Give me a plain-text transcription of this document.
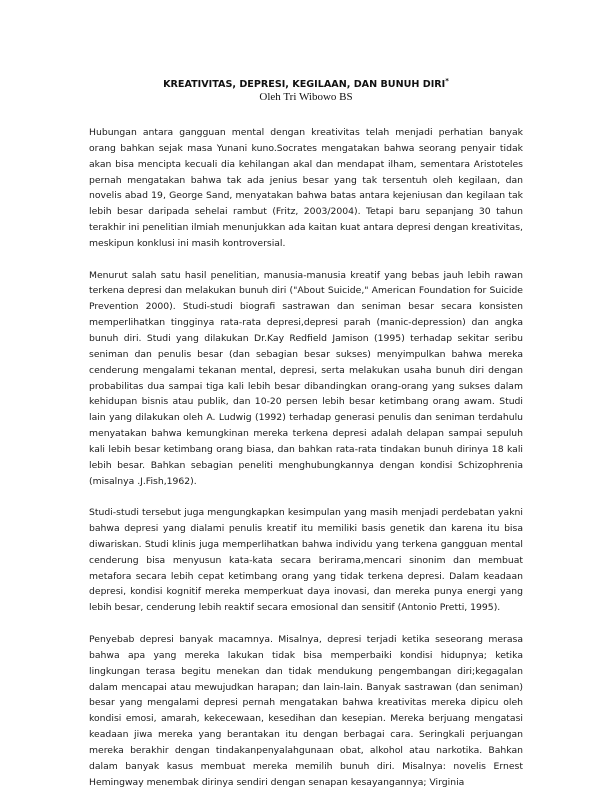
KREATIVITAS, DEPRESI, KEGILAAN, DAN BUNUH DIRI*
Oleh Tri Wibowo BS

Hubungan antara gangguan mental dengan kreativitas telah menjadi perhatian banyak orang bahkan sejak masa Yunani kuno.Socrates mengatakan bahwa seorang penyair tidak akan bisa mencipta kecuali dia kehilangan akal dan mendapat ilham, sementara Aristoteles pernah mengatakan bahwa tak ada jenius besar yang tak tersentuh oleh kegilaan, dan novelis abad 19, George Sand, menyatakan bahwa batas antara kejeniusan dan kegilaan tak lebih besar daripada sehelai rambut (Fritz, 2003/2004). Tetapi baru sepanjang 30 tahun terakhir ini penelitian ilmiah menunjukkan ada kaitan kuat antara depresi dengan kreativitas, meskipun konklusi ini masih kontroversial.

Menurut salah satu hasil penelitian, manusia-manusia kreatif yang bebas jauh lebih rawan terkena depresi dan melakukan bunuh diri ("About Suicide," American Foundation for Suicide Prevention 2000). Studi-studi biografi sastrawan dan seniman besar secara konsisten memperlihatkan tingginya rata-rata depresi,depresi parah (manic-depression) dan angka bunuh diri. Studi yang dilakukan Dr.Kay Redfield Jamison (1995) terhadap sekitar seribu seniman dan penulis besar (dan sebagian besar sukses) menyimpulkan bahwa mereka cenderung mengalami tekanan mental, depresi, serta melakukan usaha bunuh diri dengan probabilitas dua sampai tiga kali lebih besar dibandingkan orang-orang yang sukses dalam kehidupan bisnis atau publik, dan 10-20 persen lebih besar ketimbang orang awam. Studi lain yang dilakukan oleh A. Ludwig (1992) terhadap generasi penulis dan seniman terdahulu menyatakan bahwa kemungkinan mereka terkena depresi adalah delapan sampai sepuluh kali lebih besar ketimbang orang biasa, dan bahkan rata-rata tindakan bunuh dirinya 18 kali lebih besar. Bahkan sebagian peneliti menghubungkannya dengan kondisi Schizophrenia (misalnya .J.Fish,1962).

Studi-studi tersebut juga mengungkapkan kesimpulan yang masih menjadi perdebatan yakni bahwa depresi yang dialami penulis kreatif itu memiliki basis genetik dan karena itu bisa diwariskan. Studi klinis juga memperlihatkan bahwa individu yang terkena gangguan mental cenderung bisa menyusun kata-kata secara berirama,mencari sinonim dan membuat metafora secara lebih cepat ketimbang orang yang tidak terkena depresi. Dalam keadaan depresi, kondisi kognitif mereka memperkuat daya inovasi, dan mereka punya energi yang lebih besar, cenderung lebih reaktif secara emosional dan sensitif (Antonio Pretti, 1995).

Penyebab depresi banyak macamnya. Misalnya, depresi terjadi ketika seseorang merasa bahwa apa yang mereka lakukan tidak bisa memperbaiki kondisi hidupnya; ketika lingkungan terasa begitu menekan dan tidak mendukung pengembangan diri;kegagalan dalam mencapai atau mewujudkan harapan; dan lain-lain. Banyak sastrawan (dan seniman) besar yang mengalami depresi pernah mengatakan bahwa kreativitas mereka dipicu oleh kondisi emosi, amarah, kekecewaan, kesedihan dan kesepian. Mereka berjuang mengatasi keadaan jiwa mereka yang berantakan itu dengan berbagai cara. Seringkali perjuangan mereka berakhir dengan tindakanpenyalahgunaan obat, alkohol atau narkotika. Bahkan dalam banyak kasus membuat mereka memilih bunuh diri. Misalnya: novelis Ernest Hemingway menembak dirinya sendiri dengan senapan kesayangannya; Virginia
